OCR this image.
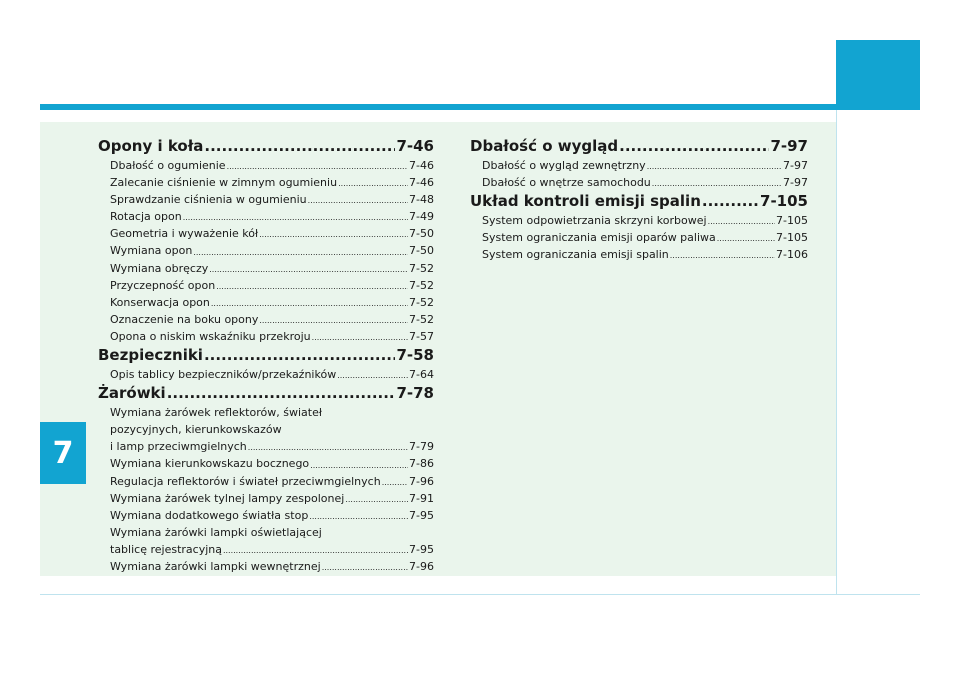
7
Opony i koła .....	7-46
Dbałość o ogumienie .....	7-46
Zalecanie ciśnienie w zimnym ogumieniu .....	7-46
Sprawdzanie ciśnienia w ogumieniu .....	7-48
Rotacja opon .....	7-49
Geometria i wyważenie kół .....	7-50
Wymiana opon .....	7-50
Wymiana obręczy .....	7-52
Przyczepność opon .....	7-52
Konserwacja opon .....	7-52
Oznaczenie na boku opony .....	7-52
Opona o niskim wskaźniku przekroju .....	7-57
Bezpieczniki .....	7-58
Opis tablicy bezpieczników/przekaźników .....	7-64
Żarówki .....	7-78
Wymiana żarówek reflektorów, świateł
pozycyjnych, kierunkowskazów
i lamp przeciwmgielnych .....	7-79
Wymiana kierunkowskazu bocznego .....	7-86
Regulacja reflektorów i świateł przeciwmgielnych .....	7-96
Wymiana żarówek tylnej lampy zespolonej .....	7-91
Wymiana dodatkowego światła stop .....	7-95
Wymiana żarówki lampki oświetlającej
tablicę rejestracyjną .....	7-95
Wymiana żarówki lampki wewnętrznej .....	7-96
Dbałość o wygląd .....	7-97
Dbałość o wygląd zewnętrzny .....	7-97
Dbałość o wnętrze samochodu .....	7-97
Układ kontroli emisji spalin .....	7-105
System odpowietrzania skrzyni korbowej .....	7-105
System ograniczania emisji oparów paliwa .....	7-105
System ograniczania emisji spalin .....	7-106
